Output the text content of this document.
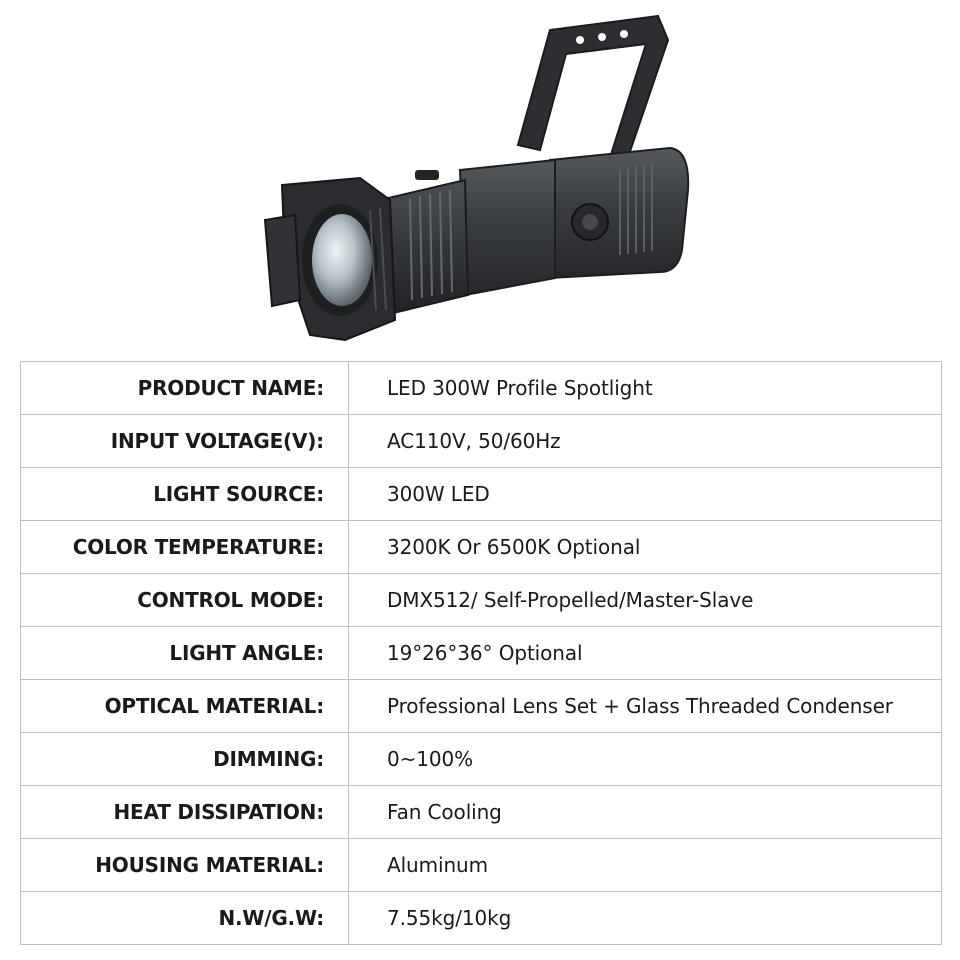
PRODUCT NAME:	LED 300W Profile Spotlight
INPUT VOLTAGE(V):	AC110V, 50/60Hz
LIGHT SOURCE:	300W LED
COLOR TEMPERATURE:	3200K Or 6500K Optional
CONTROL MODE:	DMX512/ Self-Propelled/Master-Slave
LIGHT ANGLE:	19°26°36° Optional
OPTICAL MATERIAL:	Professional Lens Set + Glass Threaded Condenser
DIMMING:	0~100%
HEAT DISSIPATION:	Fan Cooling
HOUSING MATERIAL:	Aluminum
N.W/G.W:	7.55kg/10kg
